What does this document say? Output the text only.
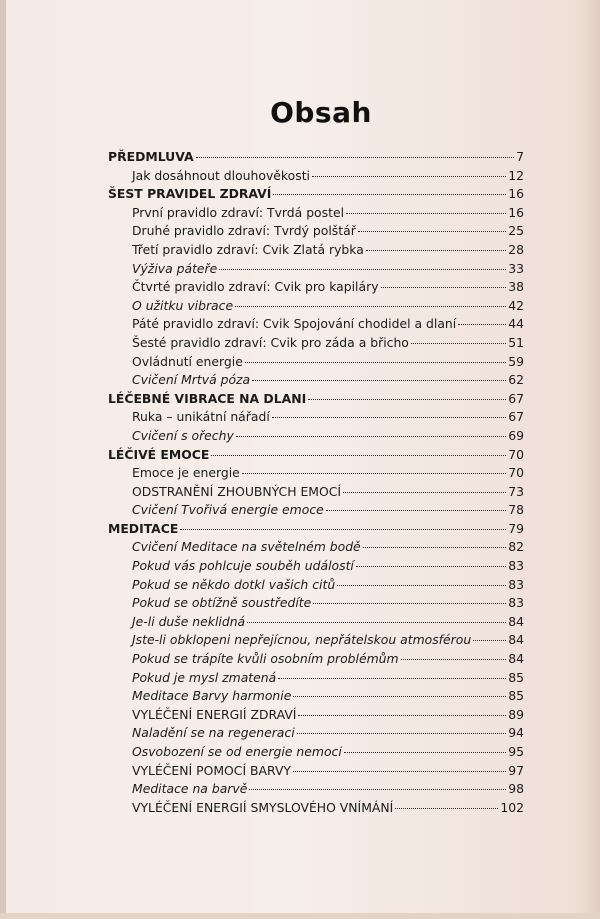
Obsah
PŘEDMLUVA	7
Jak dosáhnout dlouhověkosti	12
ŠEST PRAVIDEL ZDRAVÍ	16
První pravidlo zdraví: Tvrdá postel	16
Druhé pravidlo zdraví: Tvrdý polštář	25
Třetí pravidlo zdraví: Cvik Zlatá rybka	28
Výživa páteře	33
Čtvrté pravidlo zdraví: Cvik pro kapiláry	38
O užitku vibrace	42
Páté pravidlo zdraví: Cvik Spojování chodidel a dlaní	44
Šesté pravidlo zdraví: Cvik pro záda a břicho	51
Ovládnutí energie	59
Cvičení Mrtvá póza	62
LÉČEBNÉ VIBRACE NA DLANI	67
Ruka – unikátní nářadí	67
Cvičení s ořechy	69
LÉČIVÉ EMOCE	70
Emoce je energie	70
ODSTRANĚNÍ ZHOUBNÝCH EMOCÍ	73
Cvičení Tvořivá energie emoce	78
MEDITACE	79
Cvičení Meditace na světelném bodě	82
Pokud vás pohlcuje souběh událostí	83
Pokud se někdo dotkl vašich citů	83
Pokud se obtížně soustředíte	83
Je-li duše neklidná	84
Jste-li obklopeni nepřejícnou, nepřátelskou atmosférou	84
Pokud se trápíte kvůli osobním problémům	84
Pokud je mysl zmatená	85
Meditace Barvy harmonie	85
VYLÉČENÍ ENERGIÍ ZDRAVÍ	89
Naladění se na regeneraci	94
Osvobození se od energie nemoci	95
VYLÉČENÍ POMOCÍ BARVY	97
Meditace na barvě	98
VYLÉČENÍ ENERGIÍ SMYSLOVÉHO VNÍMÁNÍ	102
